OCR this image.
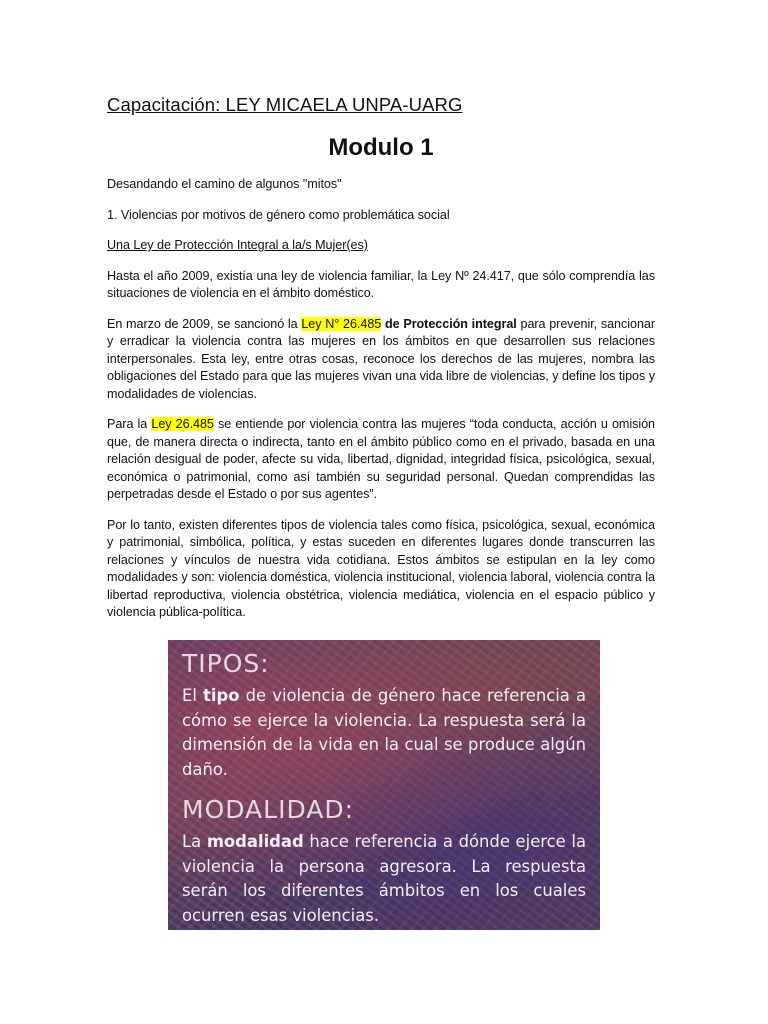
Capacitación: LEY MICAELA UNPA-UARG

Modulo 1

Desandando el camino de algunos "mitos"

1. Violencias por motivos de género como problemática social

Una Ley de Protección Integral a la/s Mujer(es)

Hasta el año 2009, existía una ley de violencia familiar, la Ley Nº 24.417, que sólo comprendía las situaciones de violencia en el ámbito doméstico.

En marzo de 2009, se sancionó la Ley N° 26.485 de Protección integral para prevenir, sancionar y erradicar la violencia contra las mujeres en los ámbitos en que desarrollen sus relaciones interpersonales. Esta ley, entre otras cosas, reconoce los derechos de las mujeres, nombra las obligaciones del Estado para que las mujeres vivan una vida libre de violencias, y define los tipos y modalidades de violencias.

Para la Ley 26.485 se entiende por violencia contra las mujeres “toda conducta, acción u omisión que, de manera directa o indirecta, tanto en el ámbito público como en el privado, basada en una relación desigual de poder, afecte su vida, libertad, dignidad, integridad física, psicológica, sexual, económica o patrimonial, como así también su seguridad personal. Quedan comprendidas las perpetradas desde el Estado o por sus agentes”.

Por lo tanto, existen diferentes tipos de violencia tales como física, psicológica, sexual, económica y patrimonial, simbólica, política, y estas suceden en diferentes lugares donde transcurren las relaciones y vínculos de nuestra vida cotidiana. Estos ámbitos se estipulan en la ley como modalidades y son: violencia doméstica, violencia institucional, violencia laboral, violencia contra la libertad reproductiva, violencia obstétrica, violencia mediática, violencia en el espacio público y violencia pública-política.

TIPOS:

El tipo de violencia de género hace referencia a cómo se ejerce la violencia. La respuesta será la dimensión de la vida en la cual se produce algún daño.

MODALIDAD:

La modalidad hace referencia a dónde ejerce la violencia la persona agresora. La respuesta serán los diferentes ámbitos en los cuales ocurren esas violencias.
